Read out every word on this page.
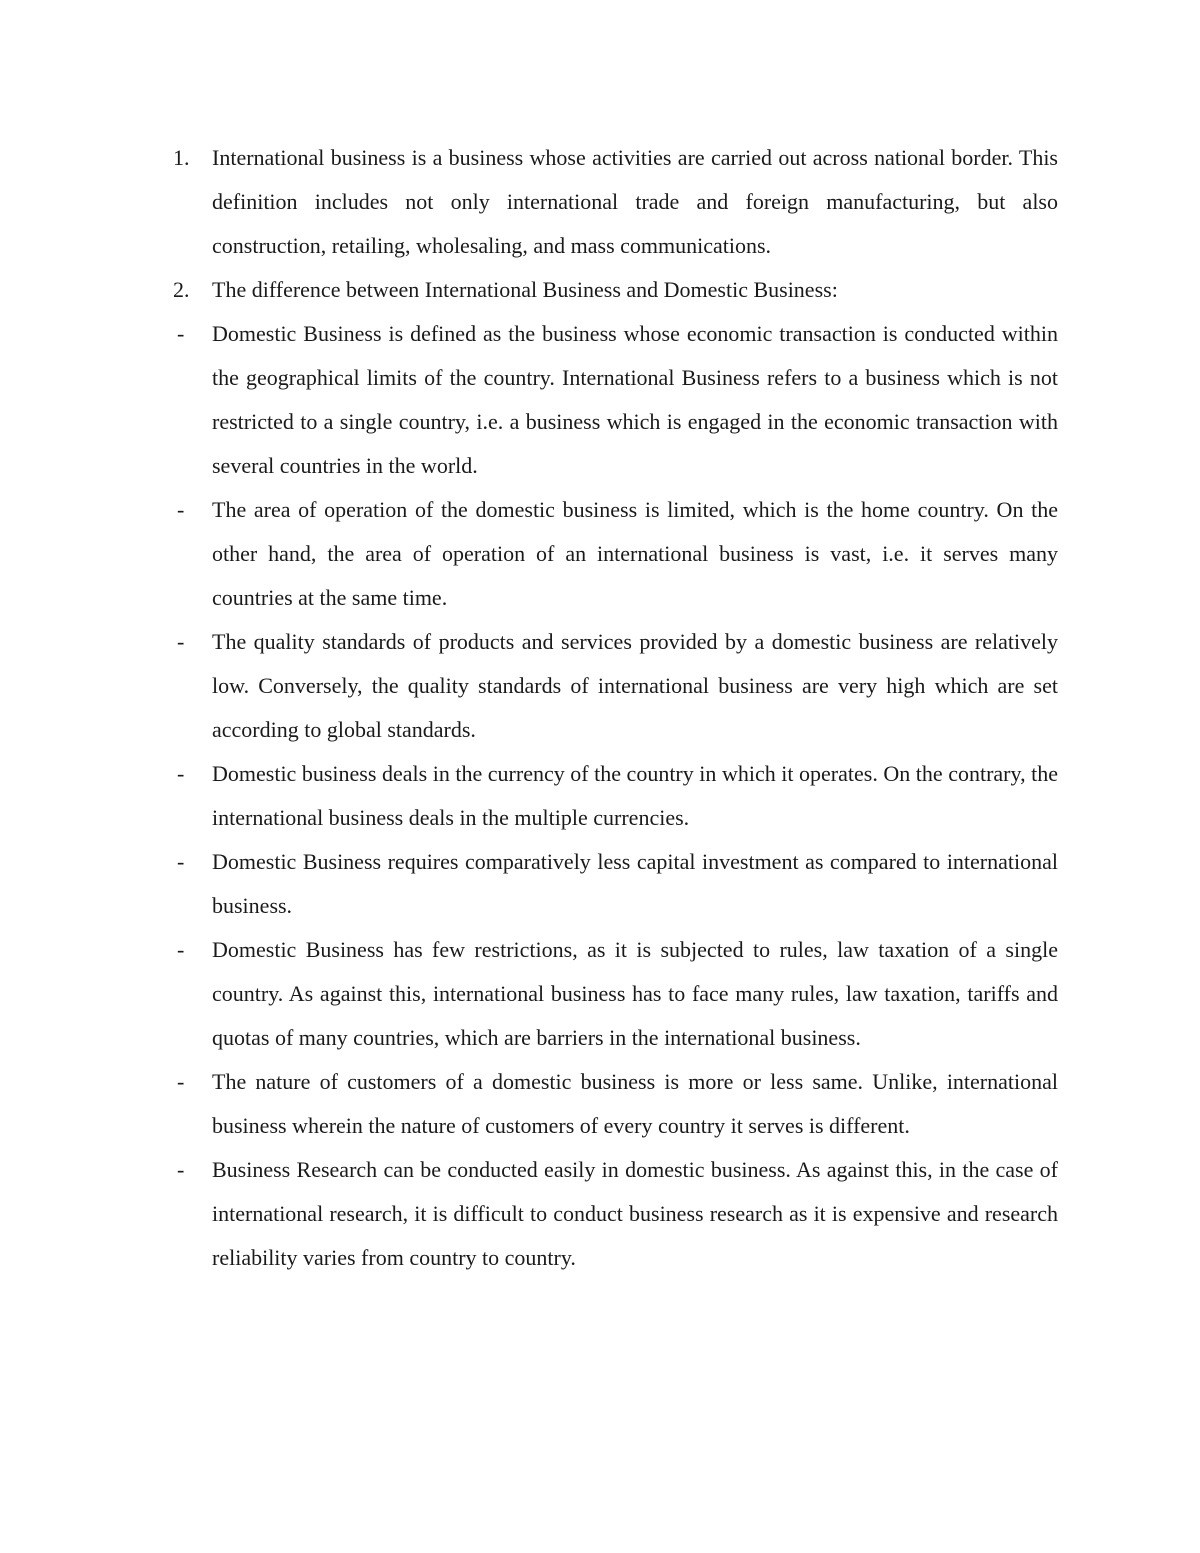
1.	International business is a business whose activities are carried out across national border. This definition includes not only international trade and foreign manufacturing, but also construction, retailing, wholesaling, and mass communications.
2.	The difference between International Business and Domestic Business:
-	Domestic Business is defined as the business whose economic transaction is conducted within the geographical limits of the country. International Business refers to a business which is not restricted to a single country, i.e. a business which is engaged in the economic transaction with several countries in the world.
-	The area of operation of the domestic business is limited, which is the home country. On the other hand, the area of operation of an international business is vast, i.e. it serves many countries at the same time.
-	The quality standards of products and services provided by a domestic business are relatively low. Conversely, the quality standards of international business are very high which are set according to global standards.
-	Domestic business deals in the currency of the country in which it operates. On the contrary, the international business deals in the multiple currencies.
-	Domestic Business requires comparatively less capital investment as compared to international business.
-	Domestic Business has few restrictions, as it is subjected to rules, law taxation of a single country. As against this, international business has to face many rules, law taxation, tariffs and quotas of many countries, which are barriers in the international business.
-	The nature of customers of a domestic business is more or less same. Unlike, international business wherein the nature of customers of every country it serves is different.
-	Business Research can be conducted easily in domestic business. As against this, in the case of international research, it is difficult to conduct business research as it is expensive and research reliability varies from country to country.
